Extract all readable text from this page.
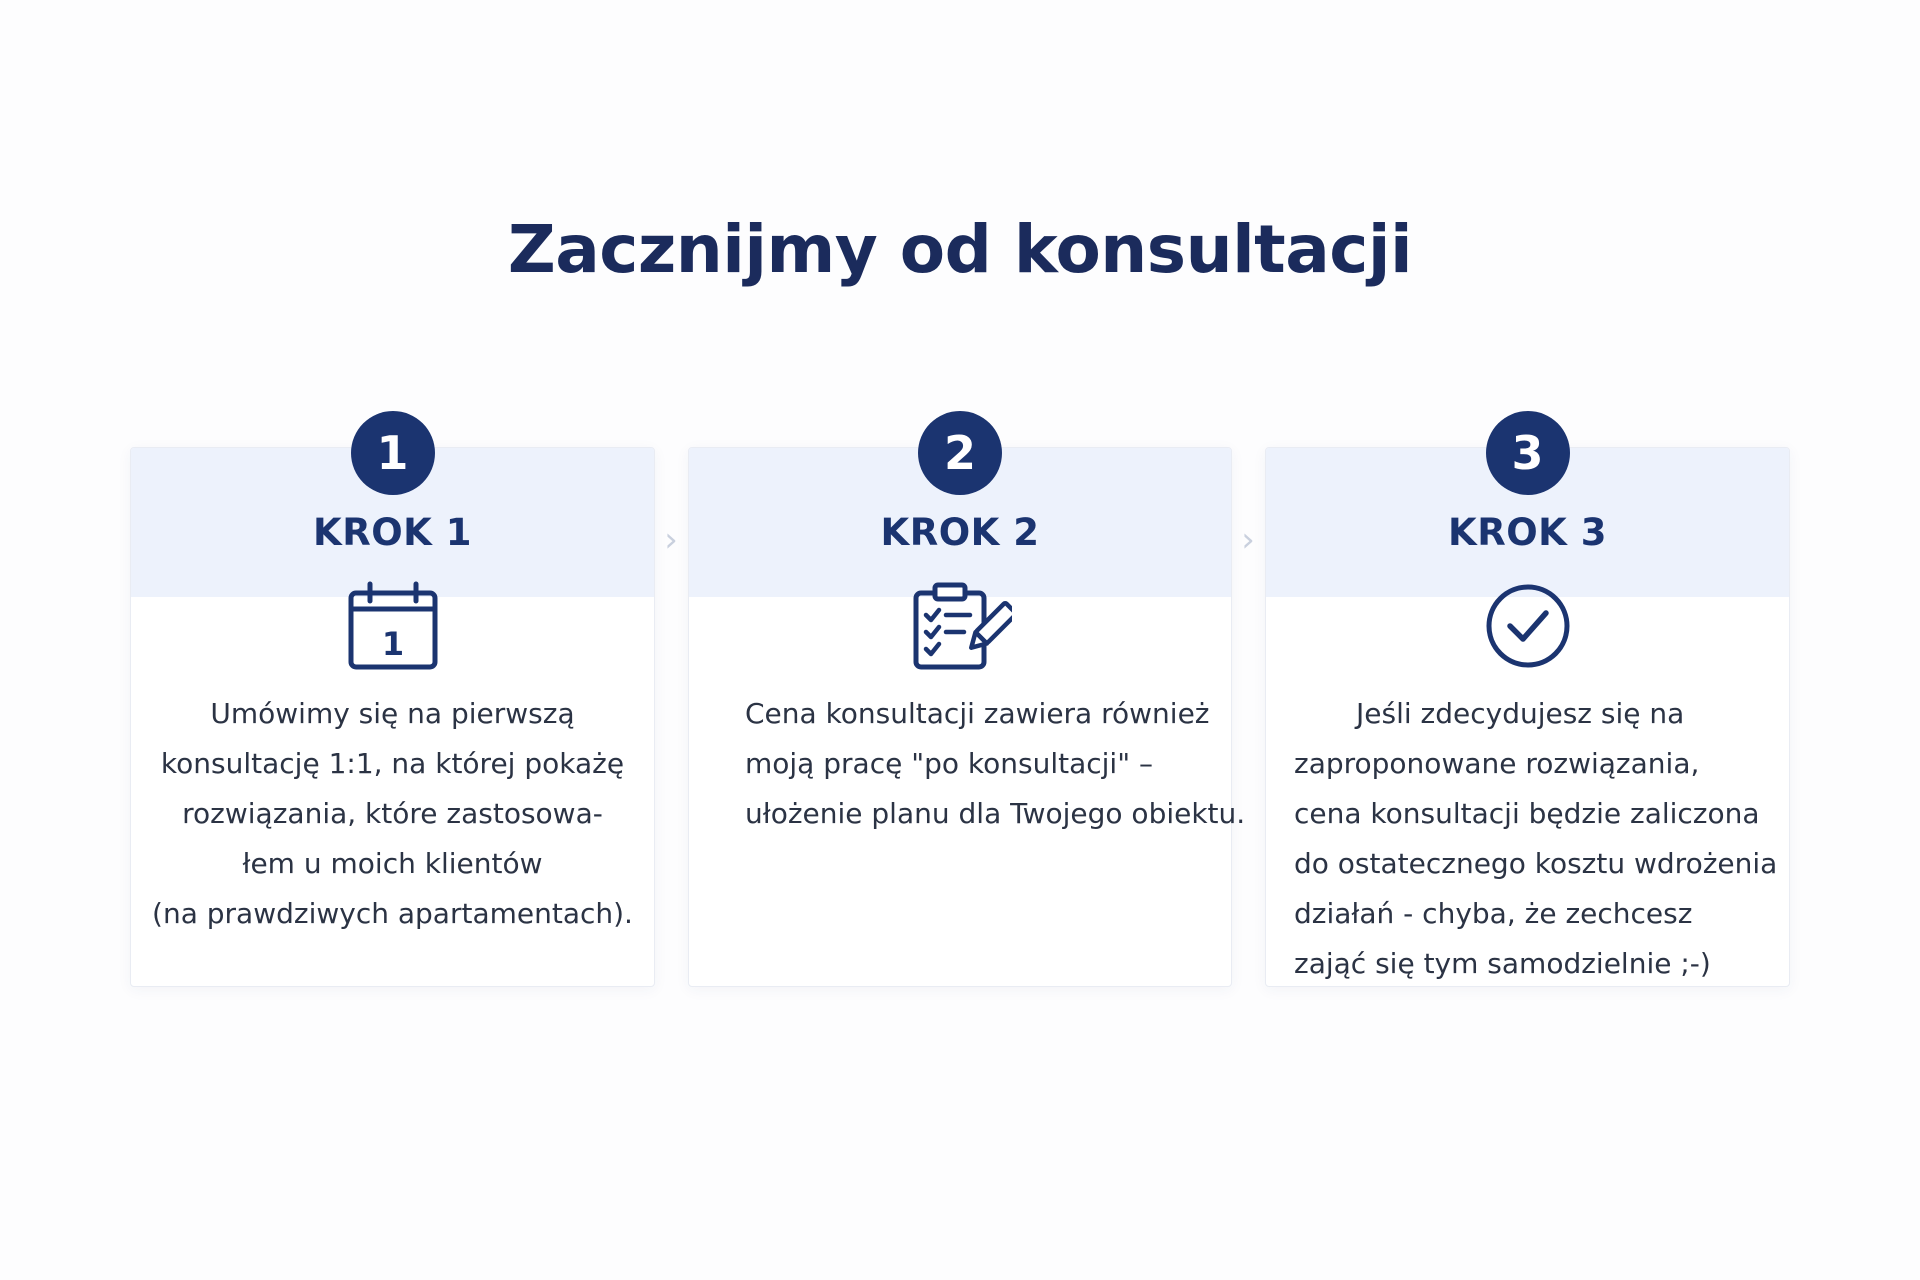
Zacznijmy od konsultacji
1
KROK 1
1
Umówimy się na pierwszą
konsultację 1:1, na której pokażę
rozwiązania, które zastosowa-
łem u moich klientów
(na prawdziwych apartamentach).
›
2
KROK 2
Cena konsultacji zawiera również
moją pracę "po konsultacji" –
ułożenie planu dla Twojego obiektu.
›
3
KROK 3
Jeśli zdecydujesz się na
zaproponowane rozwiązania,
cena konsultacji będzie zaliczona
do ostatecznego kosztu wdrożenia
działań - chyba, że zechcesz
zająć się tym samodzielnie ;-)
